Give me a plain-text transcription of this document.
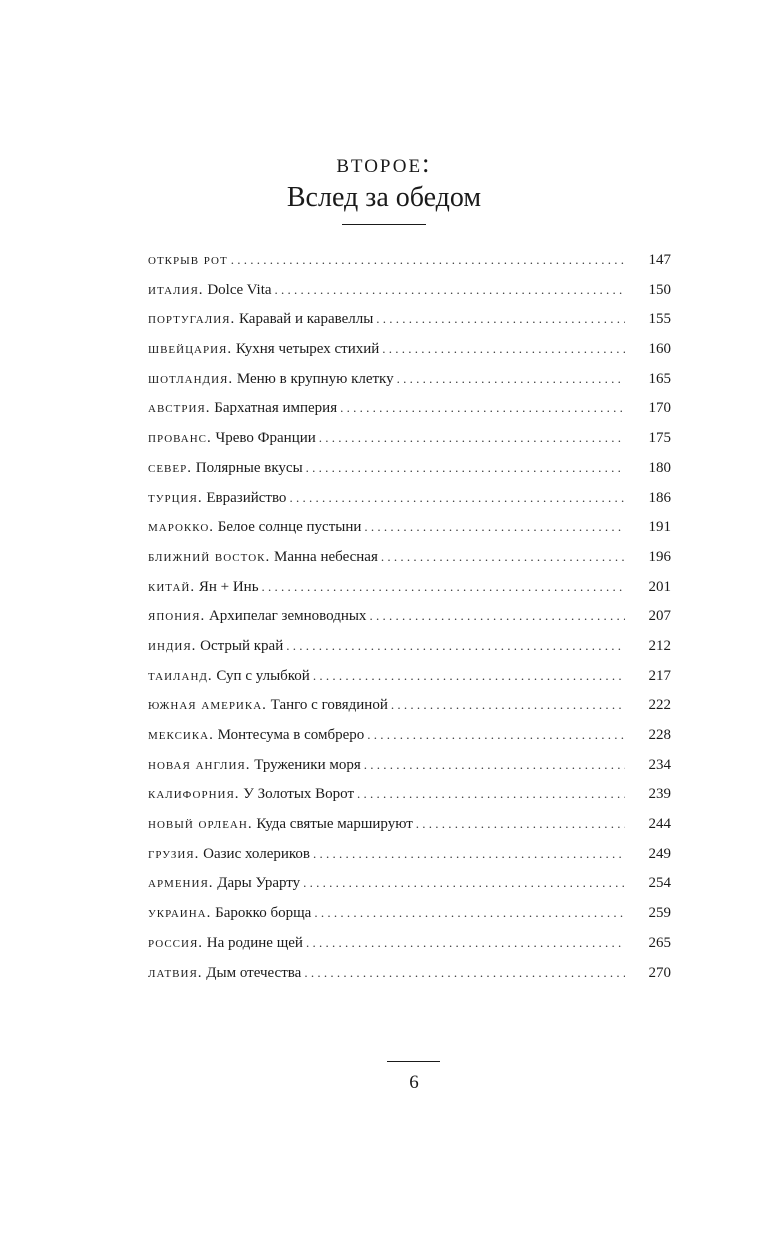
второе:
Вслед за обедом
открыв рот . . .	147
италия. Dolce Vita . . .	150
португалия. Каравай и каравеллы . . .	155
швейцария. Кухня четырех стихий . . .	160
шотландия. Меню в крупную клетку . . .	165
австрия. Бархатная империя . . .	170
прованс. Чрево Франции . . .	175
север. Полярные вкусы . . .	180
турция. Евразийство . . .	186
марокко. Белое солнце пустыни . . .	191
ближний восток. Манна небесная . . .	196
китай. Ян + Инь . . .	201
япония. Архипелаг земноводных . . .	207
индия. Острый край . . .	212
таиланд. Суп с улыбкой . . .	217
южная америка. Танго с говядиной . . .	222
мексика. Монтесума в сомбреро . . .	228
новая англия. Труженики моря . . .	234
калифорния. У Золотых Ворот . . .	239
новый орлеан. Куда святые маршируют . . .	244
грузия. Оазис холериков . . .	249
армения. Дары Урарту . . .	254
украина. Барокко борща . . .	259
россия. На родине щей . . .	265
латвия. Дым отечества . . .	270
6
